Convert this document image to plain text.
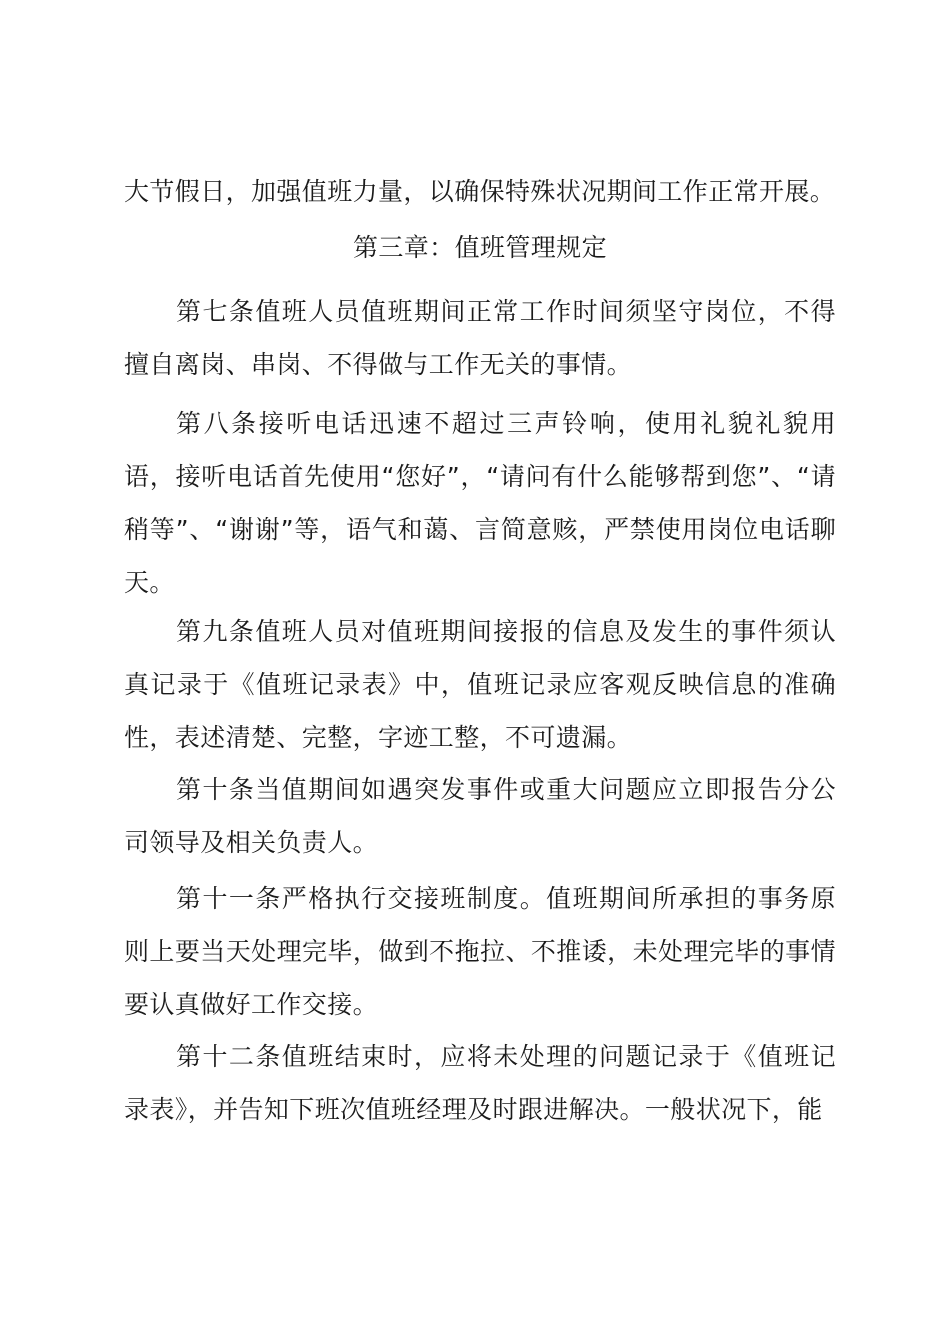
大节假日，加强值班力量，以确保特殊状况期间工作正常开展。

第三章：值班管理规定

第七条值班人员值班期间正常工作时间须坚守岗位，不得擅自离岗、串岗、不得做与工作无关的事情。

第八条接听电话迅速不超过三声铃响，使用礼貌礼貌用语，接听电话首先使用“您好”，“请问有什么能够帮到您”、“请稍等”、“谢谢”等，语气和蔼、言简意赅，严禁使用岗位电话聊天。

第九条值班人员对值班期间接报的信息及发生的事件须认真记录于《值班记录表》中，值班记录应客观反映信息的准确性，表述清楚、完整，字迹工整，不可遗漏。

第十条当值期间如遇突发事件或重大问题应立即报告分公司领导及相关负责人。

第十一条严格执行交接班制度。值班期间所承担的事务原则上要当天处理完毕，做到不拖拉、不推诿，未处理完毕的事情要认真做好工作交接。

第十二条值班结束时，应将未处理的问题记录于《值班记录表》，并告知下班次值班经理及时跟进解决。一般状况下，能
